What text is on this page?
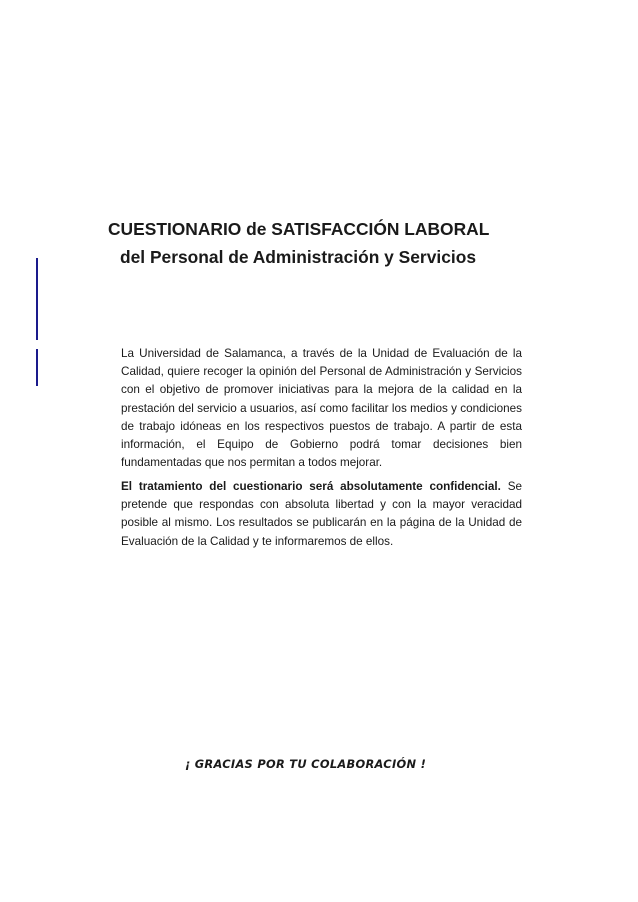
CUESTIONARIO de SATISFACCIÓN LABORAL
del Personal de Administración y Servicios

La Universidad de Salamanca, a través de la Unidad de Evaluación de la Calidad, quiere recoger la opinión del Personal de Administración y Servicios con el objetivo de promover iniciativas para la mejora de la calidad en la prestación del servicio a usuarios, así como facilitar los medios y condiciones de trabajo idóneas en los respectivos puestos de trabajo. A partir de esta información, el Equipo de Gobierno podrá tomar decisiones bien fundamentadas que nos permitan a todos mejorar.

El tratamiento del cuestionario será absolutamente confidencial. Se pretende que respondas con absoluta libertad y con la mayor veracidad posible al mismo. Los resultados se publicarán en la página de la Unidad de Evaluación de la Calidad y te informaremos de ellos.

¡ GRACIAS POR TU COLABORACIÓN !
